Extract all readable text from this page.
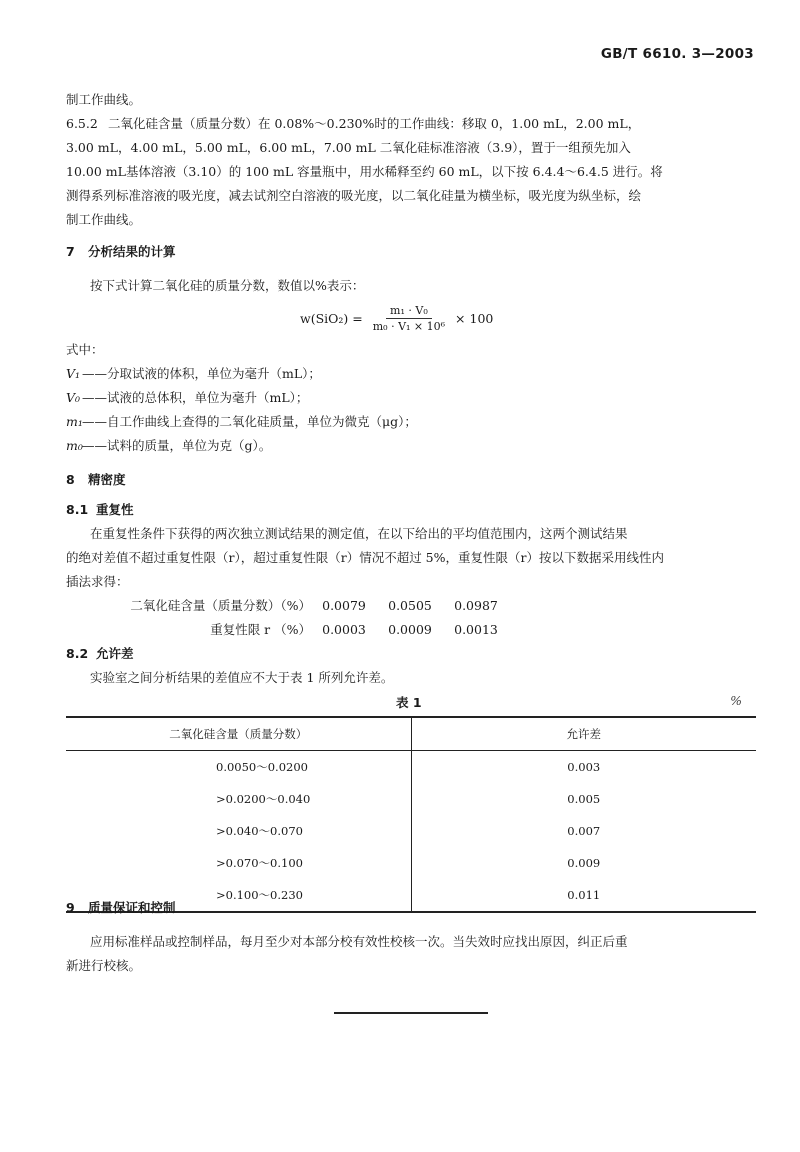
GB/T 6610. 3—2003
制工作曲线。
6.5.2 二氧化硅含量（质量分数）在 0.08%～0.230%时的工作曲线：移取 0，1.00 mL，2.00 mL，
3.00 mL，4.00 mL，5.00 mL，6.00 mL，7.00 mL 二氧化硅标准溶液（3.9），置于一组预先加入
10.00 mL基体溶液（3.10）的 100 mL 容量瓶中，用水稀释至约 60 mL，以下按 6.4.4～6.4.5 进行。将
测得系列标准溶液的吸光度，减去试剂空白溶液的吸光度，以二氧化硅量为横坐标，吸光度为纵坐标，绘
制工作曲线。
7 分析结果的计算
按下式计算二氧化硅的质量分数，数值以%表示：
$w(SiO_2) = \frac{\text{m₁ · V₀}}{\text{m₀ · V₁ × 10⁶}} \times 100$
式中：
V₁ ——分取试液的体积，单位为毫升（mL）；
V₀ ——试液的总体积，单位为毫升（mL）；
m₁ ——自工作曲线上查得的二氧化硅质量，单位为微克（μg）；
m₀ ——试料的质量，单位为克（g）。
8 精密度
8.1 重复性
在重复性条件下获得的两次独立测试结果的测定值，在以下给出的平均值范围内，这两个测试结果
的绝对差值不超过重复性限（r），超过重复性限（r）情况不超过 5%，重复性限（r）按以下数据采用线性内
插法求得：
二氧化硅含量（质量分数）（%） 0.0079	0.0505	0.0987
重复性限 r （%） 0.0003	0.0009	0.0013
8.2 允许差
实验室之间分析结果的差值应不大于表 1 所列允许差。
表 1	%
二氧化硅含量（质量分数）	允许差
0.0050～0.0200	0.003
>0.0200～0.040	0.005
>0.040～0.070	0.007
>0.070～0.100	0.009
>0.100～0.230	0.011
9 质量保证和控制
应用标准样品或控制样品，每月至少对本部分校有效性校核一次。当失效时应找出原因，纠正后重
新进行校核。
